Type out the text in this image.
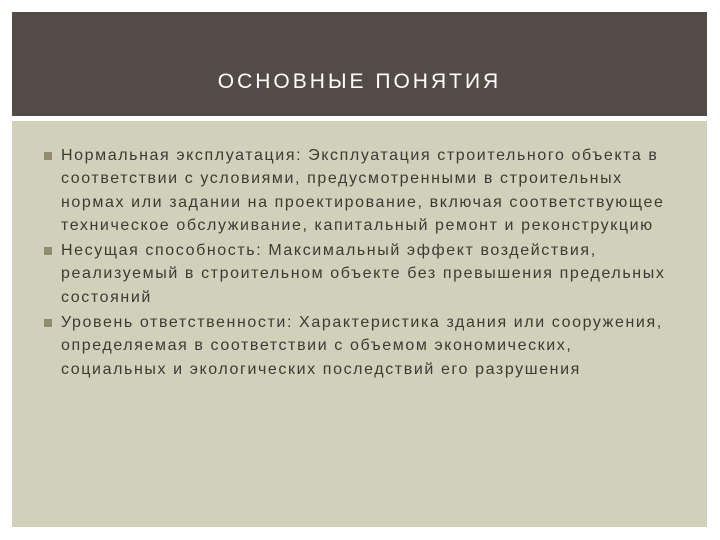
ОСНОВНЫЕ ПОНЯТИЯ
Нормальная эксплуатация: Эксплуатация строительного объекта в соответствии с условиями, предусмотренными в строительных нормах или задании на проектирование, включая соответствующее техническое обслуживание, капитальный ремонт и реконструкцию
Несущая способность: Максимальный эффект воздействия, реализуемый в строительном объекте без превышения предельных состояний
Уровень ответственности: Характеристика здания или сооружения, определяемая в соответствии с объемом экономических, социальных и экологических последствий его разрушения
